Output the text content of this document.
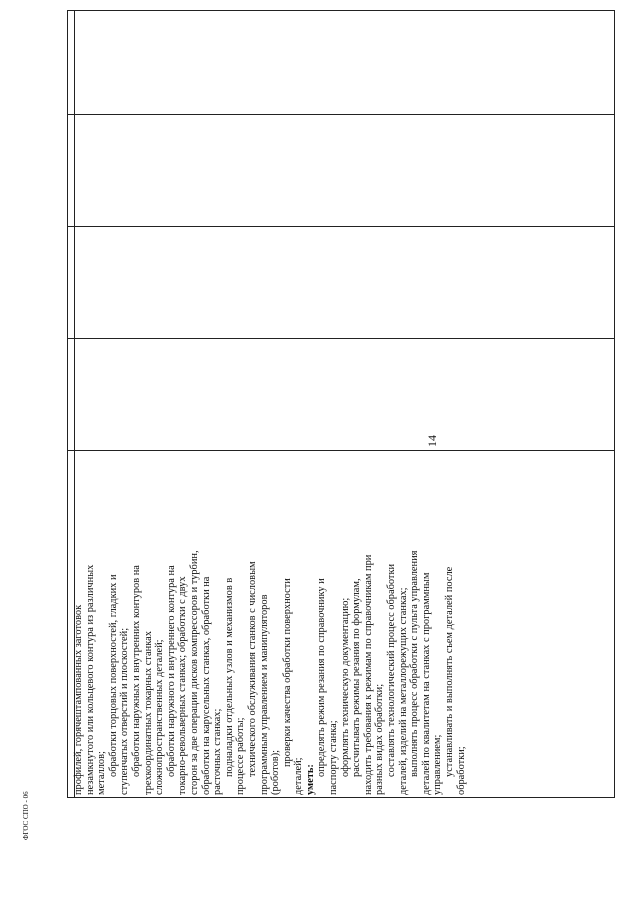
профилей, горячештампованных заготовок незамкнутого или кольцевого контура из различных металлов; обработки торцовых поверхностей, гладких и ступенчатых отверстий и плоскостей; обработки наружных и внутренних контуров на трехкоординатных токарных станках сложнопространственных деталей; обработки наружного и внутреннего контура на токарно-револьверных станках; обработки с двух сторон за две операции дисков компрессоров и турбин, обработки на карусельных станках, обработки на расточных станках; подналадки отдельных узлов и механизмов в процессе работы; технического обслуживания станков с числовым программным управлением и манипуляторов (роботов);
проверки качества обработки поверхности
деталей; уметь:
определять режим резания по справочнику и паспорту станка; оформлять техническую документацию; рассчитывать режимы резания по формулам, находить требования к режимам по справочникам при разных видах обработки; составлять технологический процесс обработки деталей, изделий на металлорежущих станках; выполнять процесс обработки с пульта управления деталей по квалитетам на станках с программным управлением; устанавливать и выполнять съем деталей после обработки;
14
ФГОС СПО - 06
